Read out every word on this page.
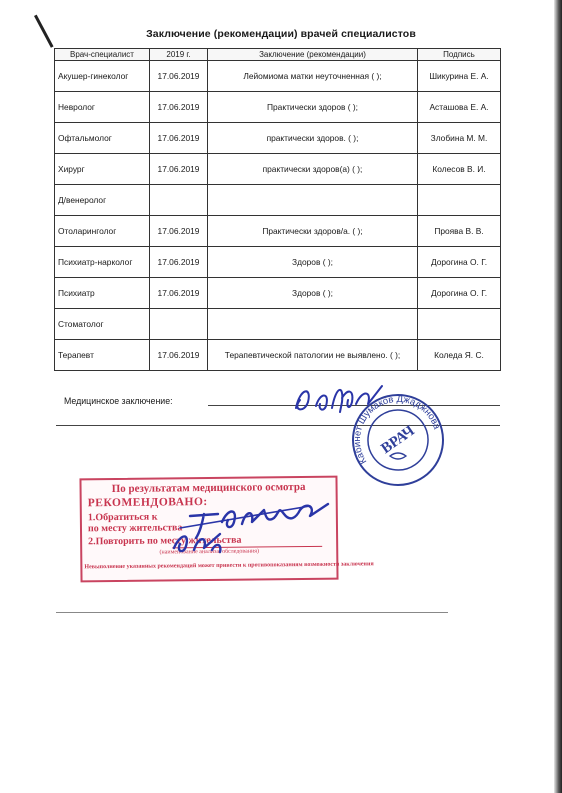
Заключение (рекомендации) врачей специалистов
Врач-специалист	2019 г.	Заключение (рекомендации)	Подпись
Акушер-гинеколог	17.06.2019	Лейомиома матки неуточненная ( );	Шикурина Е. А.
Невролог	17.06.2019	Практически здоров ( );	Асташова Е. А.
Офтальмолог	17.06.2019	практически здоров. ( );	Злобина М. М.
Хирург	17.06.2019	практически здоров(а) ( );	Колесов В. И.
Д/венеролог			
Отоларинголог	17.06.2019	Практически здоров/а. ( );	Проява В. В.
Психиатр-нарколог	17.06.2019	Здоров ( );	Дорогина О. Г.
Психиатр	17.06.2019	Здоров ( );	Дорогина О. Г.
Стоматолог			
Терапевт	17.06.2019	Терапевтической патологии не выявлено. ( );	Коледа Я. С.
Медицинское заключение:
Кабинет Шумаков Джаджнова
ВРАЧ
По результатам медицинского осмотра
РЕКОМЕНДОВАНО:
1.Обратиться к
по месту жительства
2.Повторить по месту жительства
(наименование анализа, обследования)
Невыполнение указанных рекомендаций может привести к противопоказаниям возможности заключения
